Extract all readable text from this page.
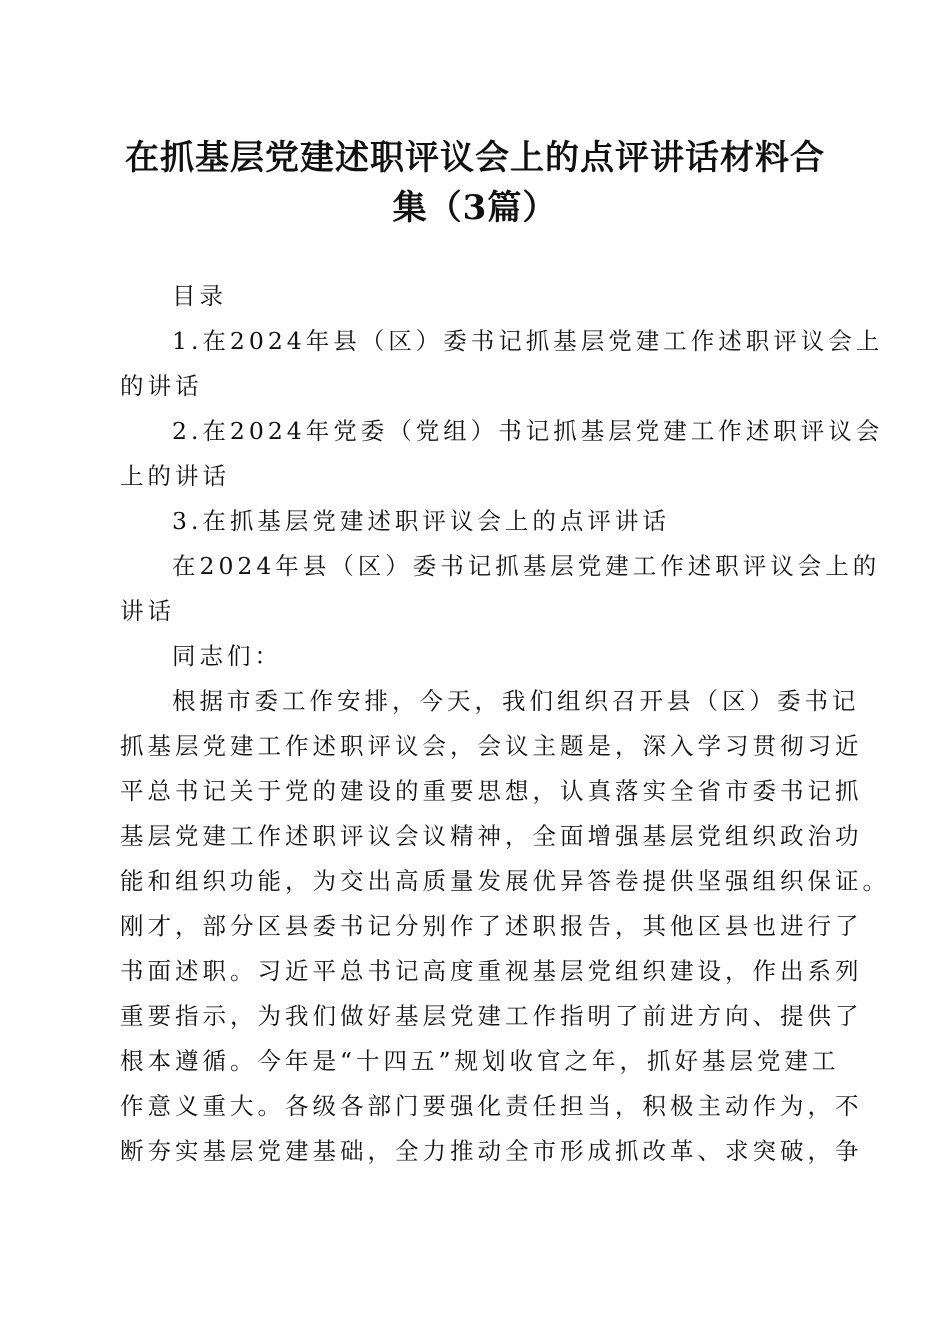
在抓基层党建述职评议会上的点评讲话材料合
集（3篇）
目录
1.在2024年县（区）委书记抓基层党建工作述职评议会上
的讲话
2.在2024年党委（党组）书记抓基层党建工作述职评议会
上的讲话
3.在抓基层党建述职评议会上的点评讲话
在2024年县（区）委书记抓基层党建工作述职评议会上的
讲话
同志们：
根据市委工作安排，今天，我们组织召开县（区）委书记
抓基层党建工作述职评议会，会议主题是，深入学习贯彻习近
平总书记关于党的建设的重要思想，认真落实全省市委书记抓
基层党建工作述职评议会议精神，全面增强基层党组织政治功
能和组织功能，为交出高质量发展优异答卷提供坚强组织保证。
刚才，部分区县委书记分别作了述职报告，其他区县也进行了
书面述职。习近平总书记高度重视基层党组织建设，作出系列
重要指示，为我们做好基层党建工作指明了前进方向、提供了
根本遵循。今年是“十四五”规划收官之年，抓好基层党建工
作意义重大。各级各部门要强化责任担当，积极主动作为，不
断夯实基层党建基础，全力推动全市形成抓改革、求突破，争
